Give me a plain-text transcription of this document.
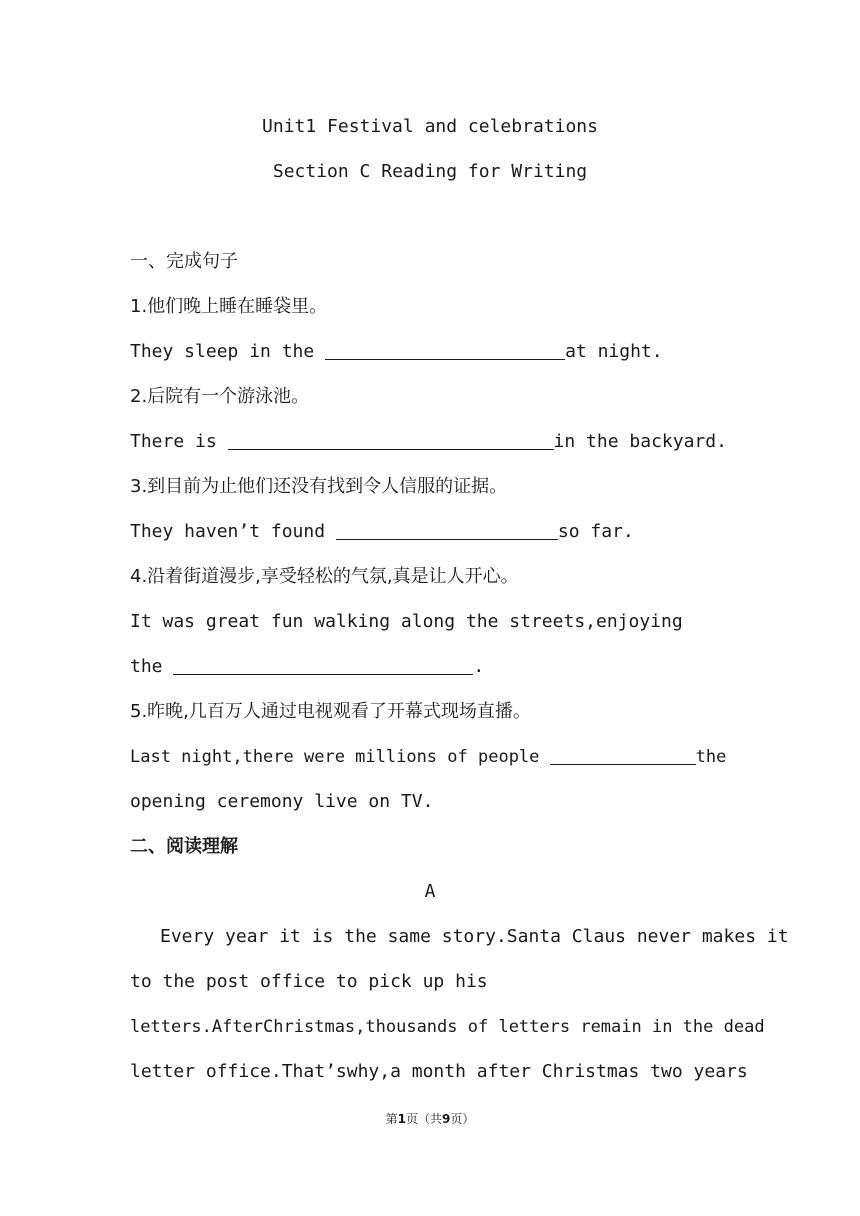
Unit1 Festival and celebrations
Section C Reading for Writing
一、完成句子
1.他们晚上睡在睡袋里。
They sleep in the	at night.
2.后院有一个游泳池。
There is	in the backyard.
3.到目前为止他们还没有找到令人信服的证据。
They haven’t found	so far.
4.沿着街道漫步,享受轻松的气氛,真是让人开心。
It was great fun walking along the streets,enjoying
the	.
5.昨晚,几百万人通过电视观看了开幕式现场直播。
Last night,there were millions of people	the
opening ceremony live on TV.
二、阅读理解
A
Every year it is the same story.Santa Claus never makes it
to the post office to pick up his
letters.AfterChristmas,thousands of letters remain in the dead
letter office.That’swhy,a month after Christmas two years
第1页（共9页）
